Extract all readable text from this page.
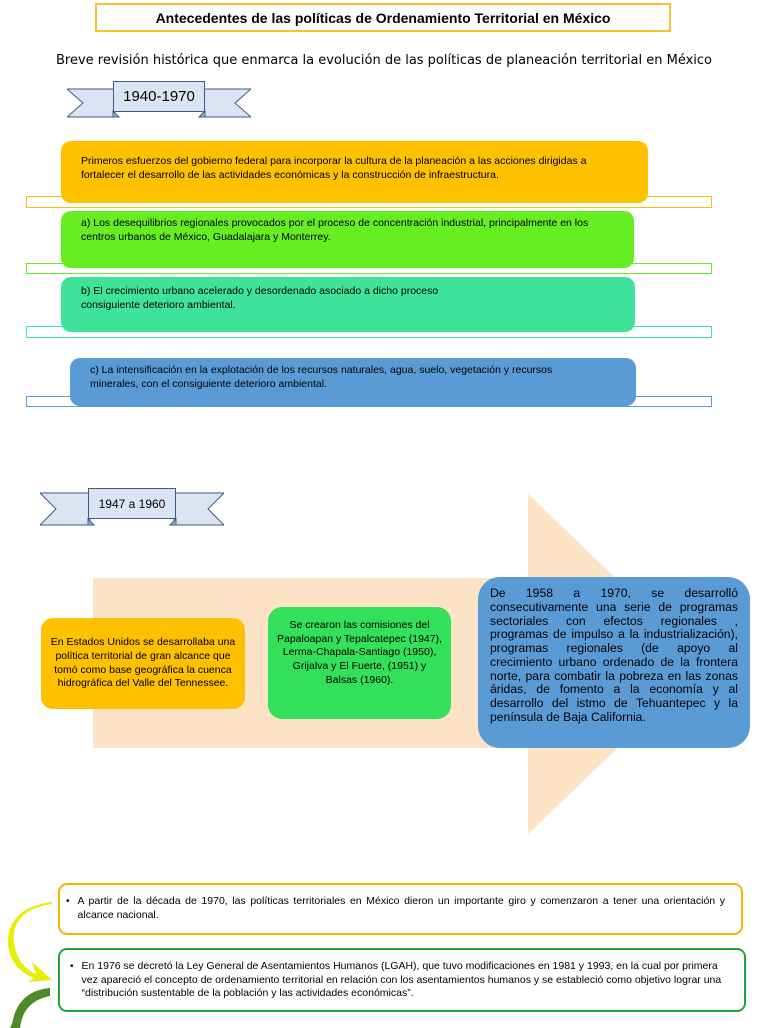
Antecedentes de las políticas de Ordenamiento Territorial en México
Breve revisión histórica que enmarca la evolución de las políticas de planeación territorial en México
1940-1970
Primeros esfuerzos del gobierno federal para incorporar la cultura de la planeación a las acciones dirigidas a fortalecer el desarrollo de las actividades económicas y la construcción de infraestructura.
a) Los desequilibrios regionales provocados por el proceso de concentración industrial, principalmente en los centros urbanos de México, Guadalajara y Monterrey.
b) El crecimiento urbano acelerado y desordenado asociado a dicho proceso consiguiente deterioro ambiental.
c) La intensificación en la explotación de los recursos naturales, agua, suelo, vegetación y recursos minerales, con el consiguiente deterioro ambiental.
1947 a 1960
En Estados Unidos se desarrollaba una política territorial de gran alcance que tomó como base geográfica la cuenca hidrográfica del Valle del Tennessee.
Se crearon las comisiones del Papaloapan y Tepalcatepec (1947), Lerma-Chapala-Santiago (1950), Grijalva y El Fuerte, (1951) y Balsas (1960).
De 1958 a 1970, se desarrolló consecutivamente una serie de programas sectoriales con efectos regionales , programas de impulso a la industrialización), programas regionales (de apoyo al crecimiento urbano ordenado de la frontera norte, para combatir la pobreza en las zonas áridas, de fomento a la economía y al desarrollo del istmo de Tehuantepec y la península de Baja California.
• A partir de la década de 1970, las políticas territoriales en México dieron un importante giro y comenzaron a tener una orientación y alcance nacional.
• En 1976 se decretó la Ley General de Asentamientos Humanos (LGAH), que tuvo modificaciones en 1981 y 1993, en la cual por primera vez apareció el concepto de ordenamiento territorial en relación con los asentamientos humanos y se estableció como objetivo lograr una “distribución sustentable de la población y las actividades económicas”.
